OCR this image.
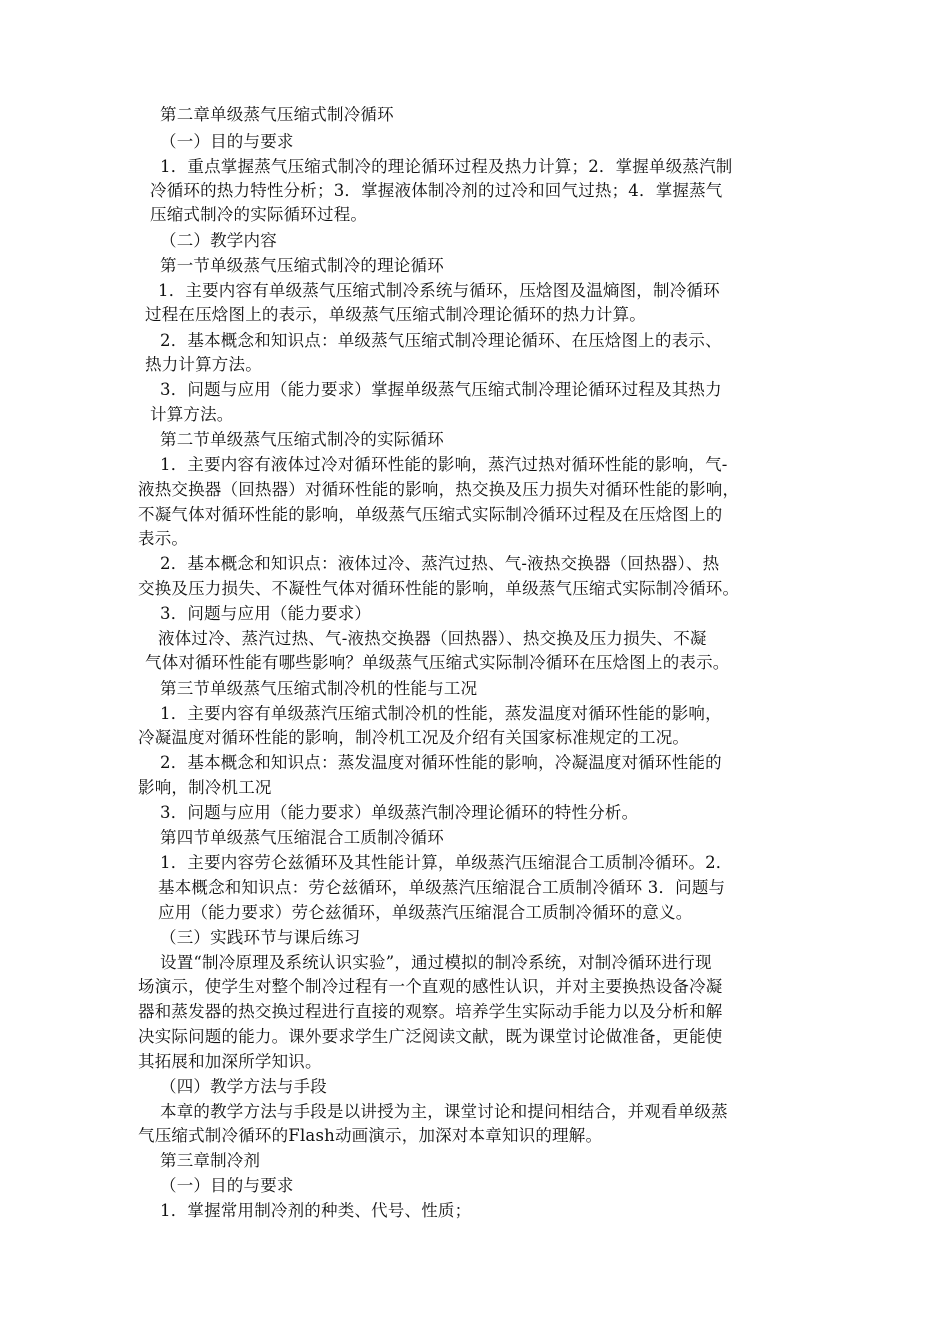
第二章单级蒸气压缩式制冷循环
（一）目的与要求
1．重点掌握蒸气压缩式制冷的理论循环过程及热力计算；2．掌握单级蒸汽制
冷循环的热力特性分析；3．掌握液体制冷剂的过冷和回气过热；4．掌握蒸气
压缩式制冷的实际循环过程。
（二）教学内容
第一节单级蒸气压缩式制冷的理论循环
1．主要内容有单级蒸气压缩式制冷系统与循环，压焓图及温熵图，制冷循环
过程在压焓图上的表示，单级蒸气压缩式制冷理论循环的热力计算。
2．基本概念和知识点：单级蒸气压缩式制冷理论循环、在压焓图上的表示、
热力计算方法。
3．问题与应用（能力要求）掌握单级蒸气压缩式制冷理论循环过程及其热力
计算方法。
第二节单级蒸气压缩式制冷的实际循环
1．主要内容有液体过冷对循环性能的影响，蒸汽过热对循环性能的影响，气-
液热交换器（回热器）对循环性能的影响，热交换及压力损失对循环性能的影响，
不凝气体对循环性能的影响，单级蒸气压缩式实际制冷循环过程及在压焓图上的
表示。
2．基本概念和知识点：液体过冷、蒸汽过热、气-液热交换器（回热器）、热
交换及压力损失、不凝性气体对循环性能的影响，单级蒸气压缩式实际制冷循环。
3．问题与应用（能力要求）
液体过冷、蒸汽过热、气-液热交换器（回热器）、热交换及压力损失、不凝
气体对循环性能有哪些影响？单级蒸气压缩式实际制冷循环在压焓图上的表示。
第三节单级蒸气压缩式制冷机的性能与工况
1．主要内容有单级蒸汽压缩式制冷机的性能，蒸发温度对循环性能的影响，
冷凝温度对循环性能的影响，制冷机工况及介绍有关国家标准规定的工况。
2．基本概念和知识点：蒸发温度对循环性能的影响，冷凝温度对循环性能的
影响，制冷机工况
3．问题与应用（能力要求）单级蒸汽制冷理论循环的特性分析。
第四节单级蒸气压缩混合工质制冷循环
1．主要内容劳仑兹循环及其性能计算，单级蒸汽压缩混合工质制冷循环。2．
基本概念和知识点：劳仑兹循环，单级蒸汽压缩混合工质制冷循环 3．问题与
应用（能力要求）劳仑兹循环，单级蒸汽压缩混合工质制冷循环的意义。
（三）实践环节与课后练习
设置“制冷原理及系统认识实验”，通过模拟的制冷系统，对制冷循环进行现
场演示，使学生对整个制冷过程有一个直观的感性认识，并对主要换热设备冷凝
器和蒸发器的热交换过程进行直接的观察。培养学生实际动手能力以及分析和解
决实际问题的能力。课外要求学生广泛阅读文献，既为课堂讨论做准备，更能使
其拓展和加深所学知识。
（四）教学方法与手段
本章的教学方法与手段是以讲授为主，课堂讨论和提问相结合，并观看单级蒸
气压缩式制冷循环的Flash动画演示，加深对本章知识的理解。
第三章制冷剂
（一）目的与要求
1．掌握常用制冷剂的种类、代号、性质；
